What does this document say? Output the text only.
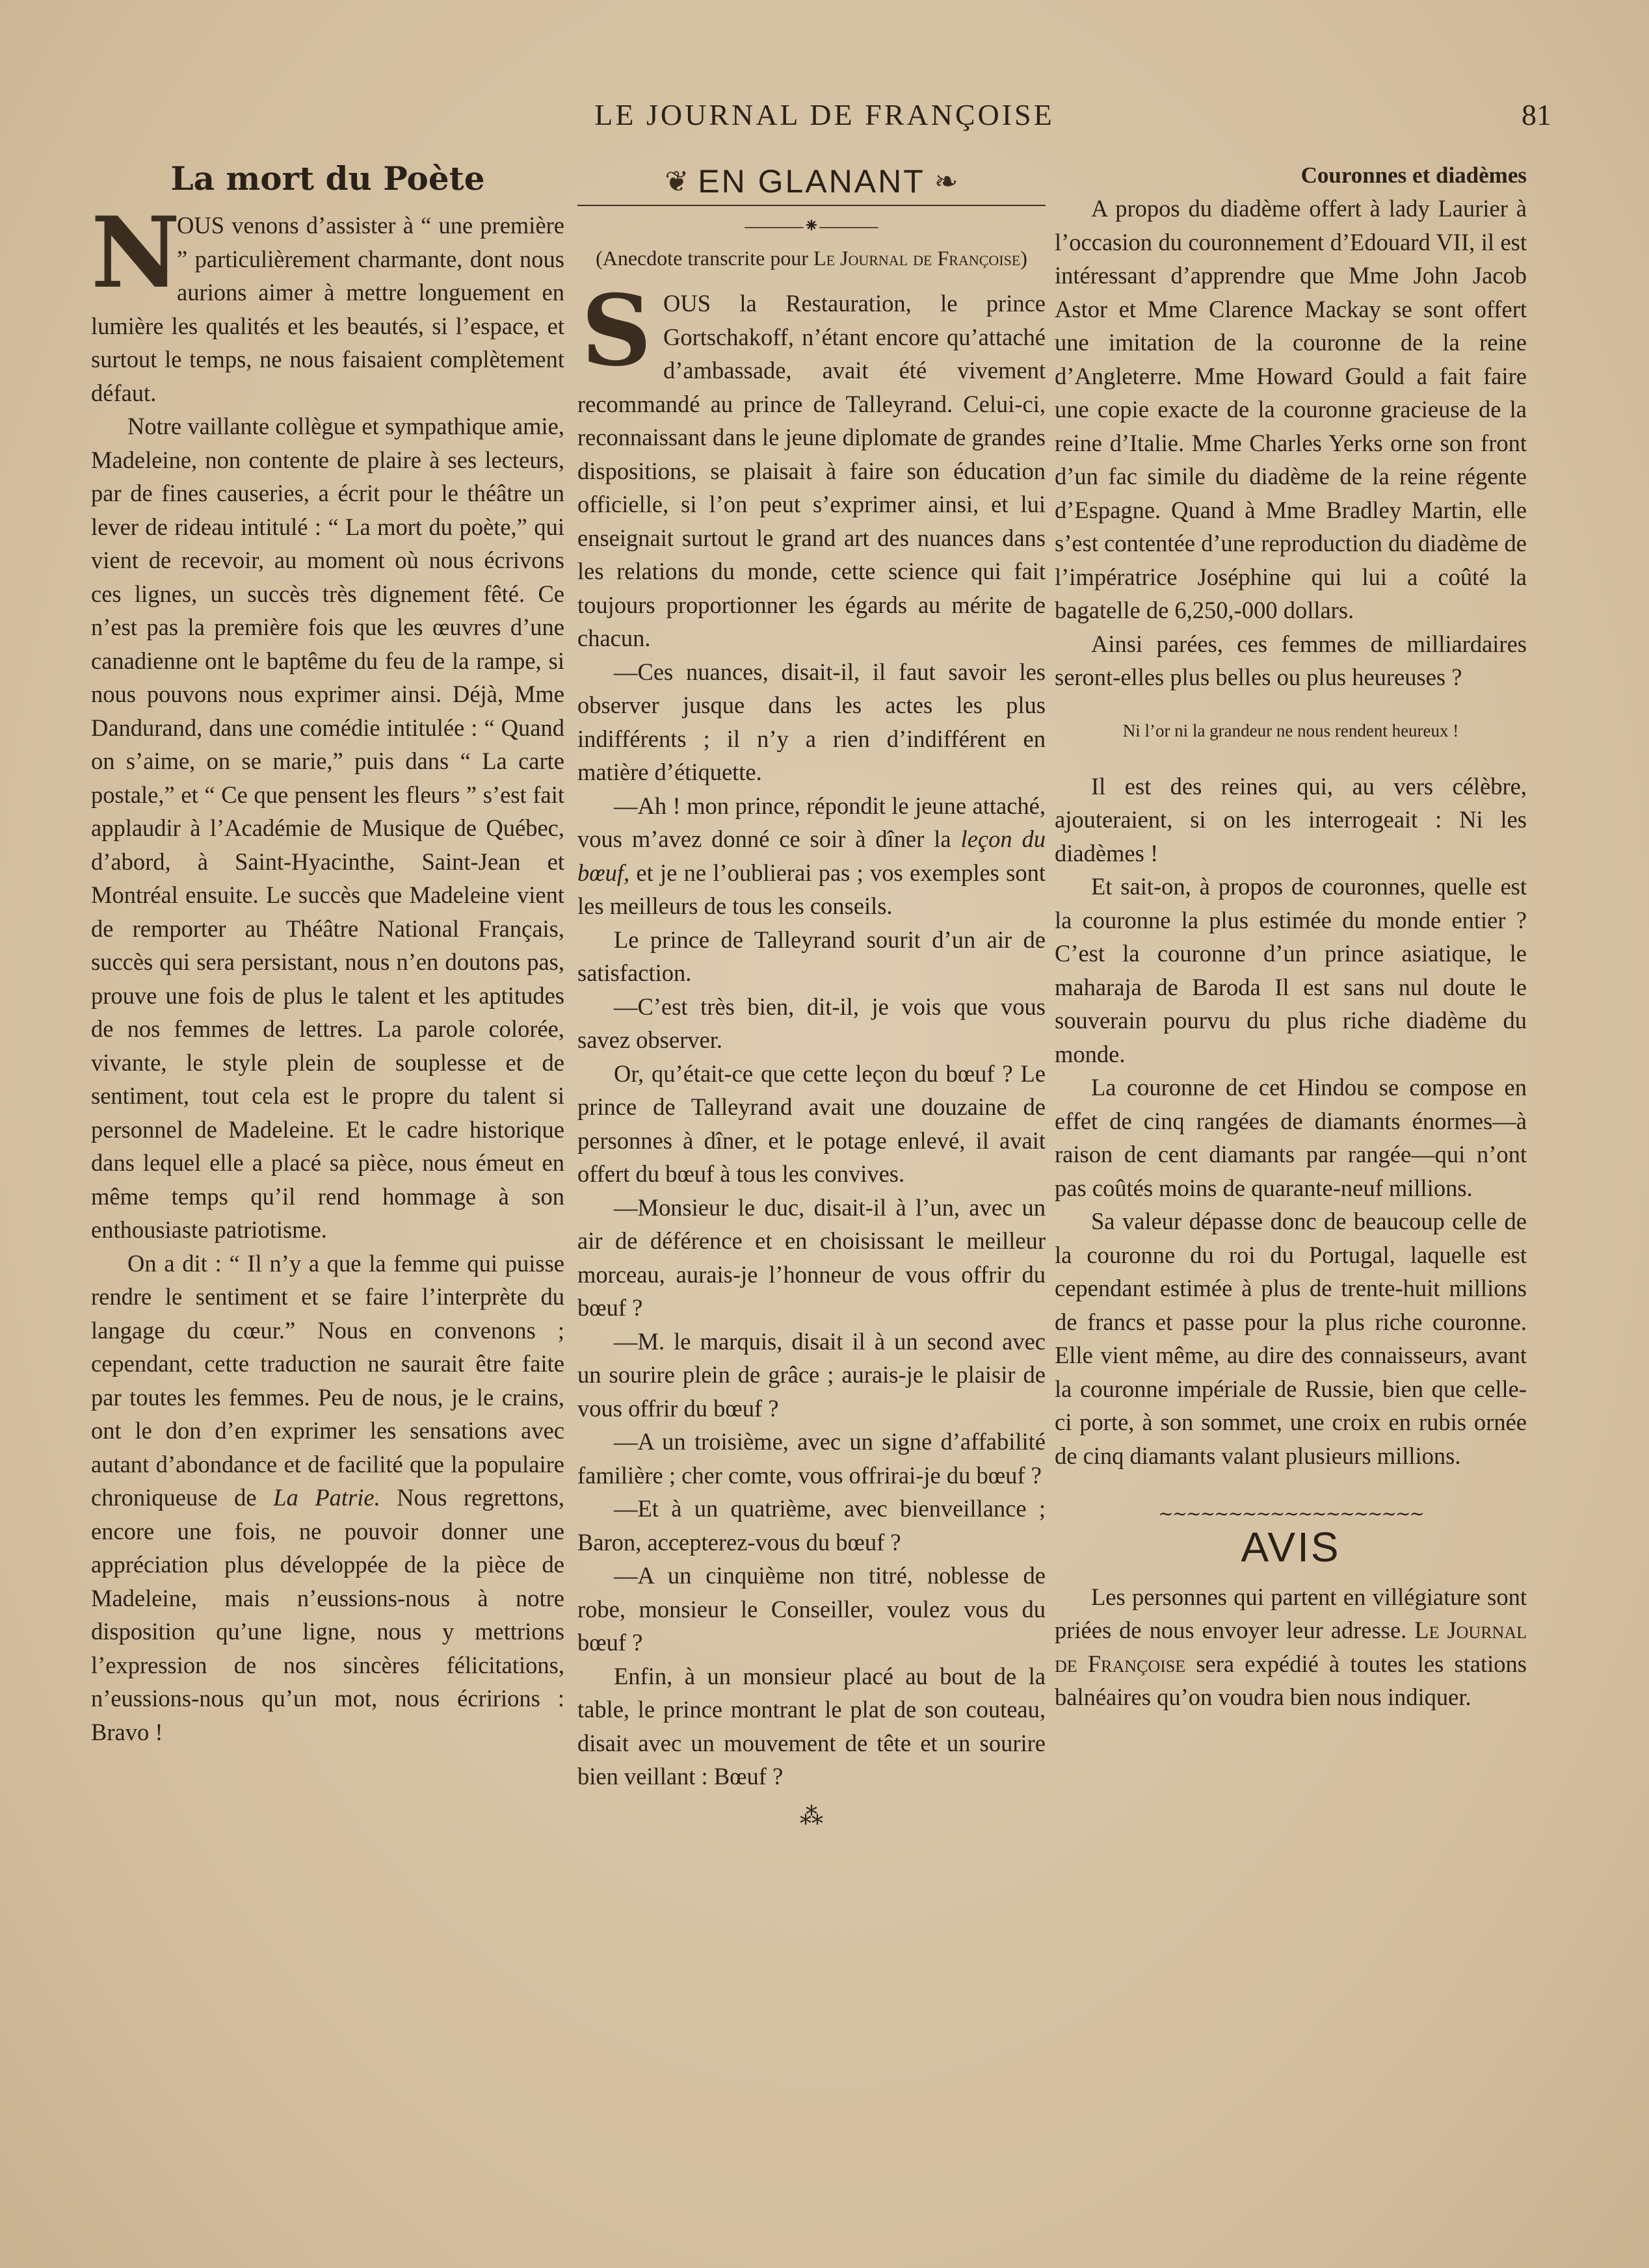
LE JOURNAL DE FRANÇOISE	81
La mort du Poète
N

OUS venons d’assister à “ une première ” particulièrement charmante, dont nous aurions aimer à mettre longuement en lumière les qualités et les beautés, si l’espace, et surtout le temps, ne nous faisaient complètement défaut.

Notre vaillante collègue et sympathique amie, Madeleine, non contente de plaire à ses lecteurs, par de fines causeries, a écrit pour le théâtre un lever de rideau intitulé : “ La mort du poète,” qui vient de recevoir, au moment où nous écrivons ces lignes, un succès très dignement fêté. Ce n’est pas la première fois que les œuvres d’une canadienne ont le baptême du feu de la rampe, si nous pouvons nous exprimer ainsi. Déjà, Mme Dandurand, dans une comédie intitulée : “ Quand on s’aime, on se marie,” puis dans “ La carte postale,” et “ Ce que pensent les fleurs ” s’est fait applaudir à l’Académie de Musique de Québec, d’abord, à Saint-Hyacinthe, Saint-Jean et Montréal ensuite. Le succès que Madeleine vient de remporter au Théâtre National Français, succès qui sera persistant, nous n’en doutons pas, prouve une fois de plus le talent et les aptitudes de nos femmes de lettres. La parole colorée, vivante, le style plein de souplesse et de sentiment, tout cela est le propre du talent si personnel de Madeleine. Et le cadre historique dans lequel elle a placé sa pièce, nous émeut en même temps qu’il rend hommage à son enthousiaste patriotisme.

On a dit : “ Il n’y a que la femme qui puisse rendre le sentiment et se faire l’interprète du langage du cœur.” Nous en convenons ; cependant, cette traduction ne saurait être faite par toutes les femmes. Peu de nous, je le crains, ont le don d’en exprimer les sensations avec autant d’abondance et de facilité que la populaire chroniqueuse de La Patrie. Nous regrettons, encore une fois, ne pouvoir donner une appréciation plus développée de la pièce de Madeleine, mais n’eussions-nous à notre disposition qu’une ligne, nous y mettrions l’expression de nos sincères félicitations, n’eussions-nous qu’un mot, nous écririons : Bravo !

❦ EN GLANANT ❧
―――⁕―――
(Anecdote transcrite pour Le Journal de Françoise)
S OUS la Restauration, le prince Gortschakoff, n’étant encore qu’attaché d’ambassade, avait été vivement recommandé au prince de Talleyrand. Celui-ci, reconnaissant dans le jeune diplomate de grandes dispositions, se plaisait à faire son éducation officielle, si l’on peut s’exprimer ainsi, et lui enseignait surtout le grand art des nuances dans les relations du monde, cette science qui fait toujours proportionner les égards au mérite de chacun.

—Ces nuances, disait-il, il faut savoir les observer jusque dans les actes les plus indifférents ; il n’y a rien d’indifférent en matière d’étiquette.

—Ah ! mon prince, répondit le jeune attaché, vous m’avez donné ce soir à dîner la leçon du bœuf, et je ne l’oublierai pas ; vos exemples sont les meilleurs de tous les conseils.

Le prince de Talleyrand sourit d’un air de satisfaction.

—C’est très bien, dit-il, je vois que vous savez observer.

Or, qu’était-ce que cette leçon du bœuf ? Le prince de Talleyrand avait une douzaine de personnes à dîner, et le potage enlevé, il avait offert du bœuf à tous les convives.

—Monsieur le duc, disait-il à l’un, avec un air de déférence et en choisissant le meilleur morceau, aurais-je l’honneur de vous offrir du bœuf ?

—M. le marquis, disait il à un second avec un sourire plein de grâce ; aurais-je le plaisir de vous offrir du bœuf ?

—A un troisième, avec un signe d’affabilité familière ; cher comte, vous offrirai-je du bœuf ?

—Et à un quatrième, avec bienveillance ; Baron, accepterez-vous du bœuf ?

—A un cinquième non titré, noblesse de robe, monsieur le Conseiller, voulez vous du bœuf ?

Enfin, à un monsieur placé au bout de la table, le prince montrant le plat de son couteau, disait avec un mouvement de tête et un sourire bien veillant : Bœuf ?

⁂
Couronnes et diadèmes

A propos du diadème offert à lady Laurier à l’occasion du couronnement d’Edouard VII, il est intéressant d’apprendre que Mme John Jacob Astor et Mme Clarence Mackay se sont offert une imitation de la couronne de la reine d’Angleterre. Mme Howard Gould a fait faire une copie exacte de la couronne gracieuse de la reine d’Italie. Mme Charles Yerks orne son front d’un fac simile du diadème de la reine régente d’Espagne. Quand à Mme Bradley Martin, elle s’est contentée d’une reproduction du diadème de l’impératrice Joséphine qui lui a coûté la bagatelle de 6,250,-000 dollars.

Ainsi parées, ces femmes de milliardaires seront-elles plus belles ou plus heureuses ?

Ni l’or ni la grandeur ne nous rendent heureux !

Il est des reines qui, au vers célèbre, ajouteraient, si on les interrogeait : Ni les diadèmes !

Et sait-on, à propos de couronnes, quelle est la couronne la plus estimée du monde entier ? C’est la couronne d’un prince asiatique, le maharaja de Baroda Il est sans nul doute le souverain pourvu du plus riche diadème du monde.

La couronne de cet Hindou se compose en effet de cinq rangées de diamants énormes—à raison de cent diamants par rangée—qui n’ont pas coûtés moins de quarante-neuf millions.

Sa valeur dépasse donc de beaucoup celle de la couronne du roi du Portugal, laquelle est cependant estimée à plus de trente-huit millions de francs et passe pour la plus riche couronne. Elle vient même, au dire des connaisseurs, avant la couronne impériale de Russie, bien que celle-ci porte, à son sommet, une croix en rubis ornée de cinq diamants valant plusieurs millions.

∼∼∼∼∼∼∼∼∼∼∼∼∼∼∼∼∼∼∼
AVIS

Les personnes qui partent en villégiature sont priées de nous envoyer leur adresse. Le Journal de Françoise sera expédié à toutes les stations balnéaires qu’on voudra bien nous indiquer.
